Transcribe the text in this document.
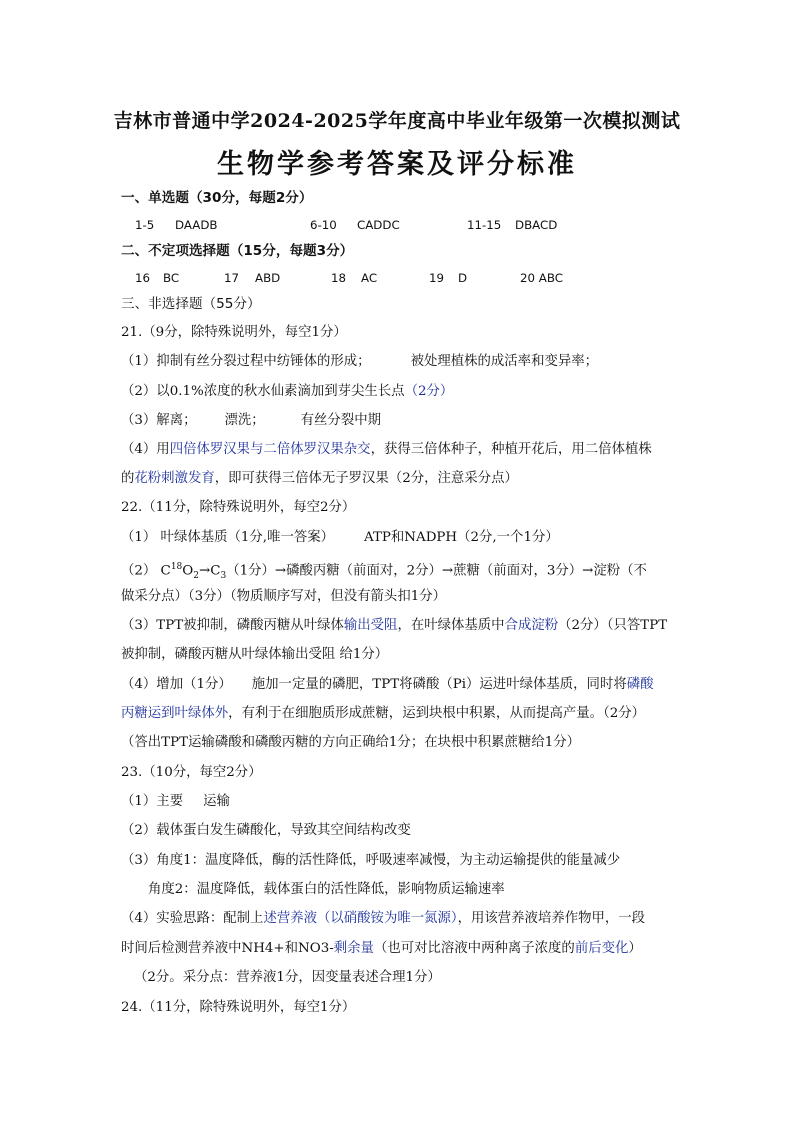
吉林市普通中学2024-2025学年度高中毕业年级第一次模拟测试
生物学参考答案及评分标准
一、单选题（30分，每题2分）
1-5 DAADB	6-10 CADDC	11-15 DBACD
二、不定项选择题（15分，每题3分）
16 BC	17 ABD	18 AC	19 D	20 ABC
三、非选择题（55分）
21.（9分，除特殊说明外，每空1分）
（1）抑制有丝分裂过程中纺锤体的形成；	被处理植株的成活率和变异率；
（2）以0.1%浓度的秋水仙素滴加到芽尖生长点（2分）
（3）解离； 漂洗；	有丝分裂中期
（4）用四倍体罗汉果与二倍体罗汉果杂交，获得三倍体种子，种植开花后，用二倍体植株
的花粉刺激发育，即可获得三倍体无子罗汉果（2分，注意采分点）
22.（11分，除特殊说明外，每空2分）
（1） 叶绿体基质（1分,唯一答案） ATP和NADPH（2分,一个1分）
（2） $C^{18}O_2\to C_3(1$分）→磷酸丙糖（前面对，2分）→蔗糖（前面对，3分）→淀粉（不
做采分点）（3分）（物质顺序写对，但没有箭头扣1分）
（3）TPT被抑制，磷酸丙糖从叶绿体输出受阻，在叶绿体基质中合成淀粉（2分）（只答TPT
被抑制，磷酸丙糖从叶绿体输出受阻 给1分）
（4）增加（1分） 施加一定量的磷肥，TPT将磷酸（Pi）运进叶绿体基质，同时将磷酸
丙糖运到叶绿体外，有利于在细胞质形成蔗糖，运到块根中积累，从而提高产量。（2分）
（答出TPT运输磷酸和磷酸丙糖的方向正确给1分；在块根中积累蔗糖给1分）
23.（10分，每空2分）
（1）主要 运输
（2）载体蛋白发生磷酸化，导致其空间结构改变
（3）角度1：温度降低，酶的活性降低，呼吸速率减慢，为主动运输提供的能量减少
角度2：温度降低，载体蛋白的活性降低，影响物质运输速率
（4）实验思路：配制上述营养液（以硝酸铵为唯一氮源），用该营养液培养作物甲，一段
时间后检测营养液中NH4+和NO3-剩余量（也可对比溶液中两种离子浓度的前后变化）
（2分。采分点：营养液1分，因变量表述合理1分）
24.（11分，除特殊说明外，每空1分）
